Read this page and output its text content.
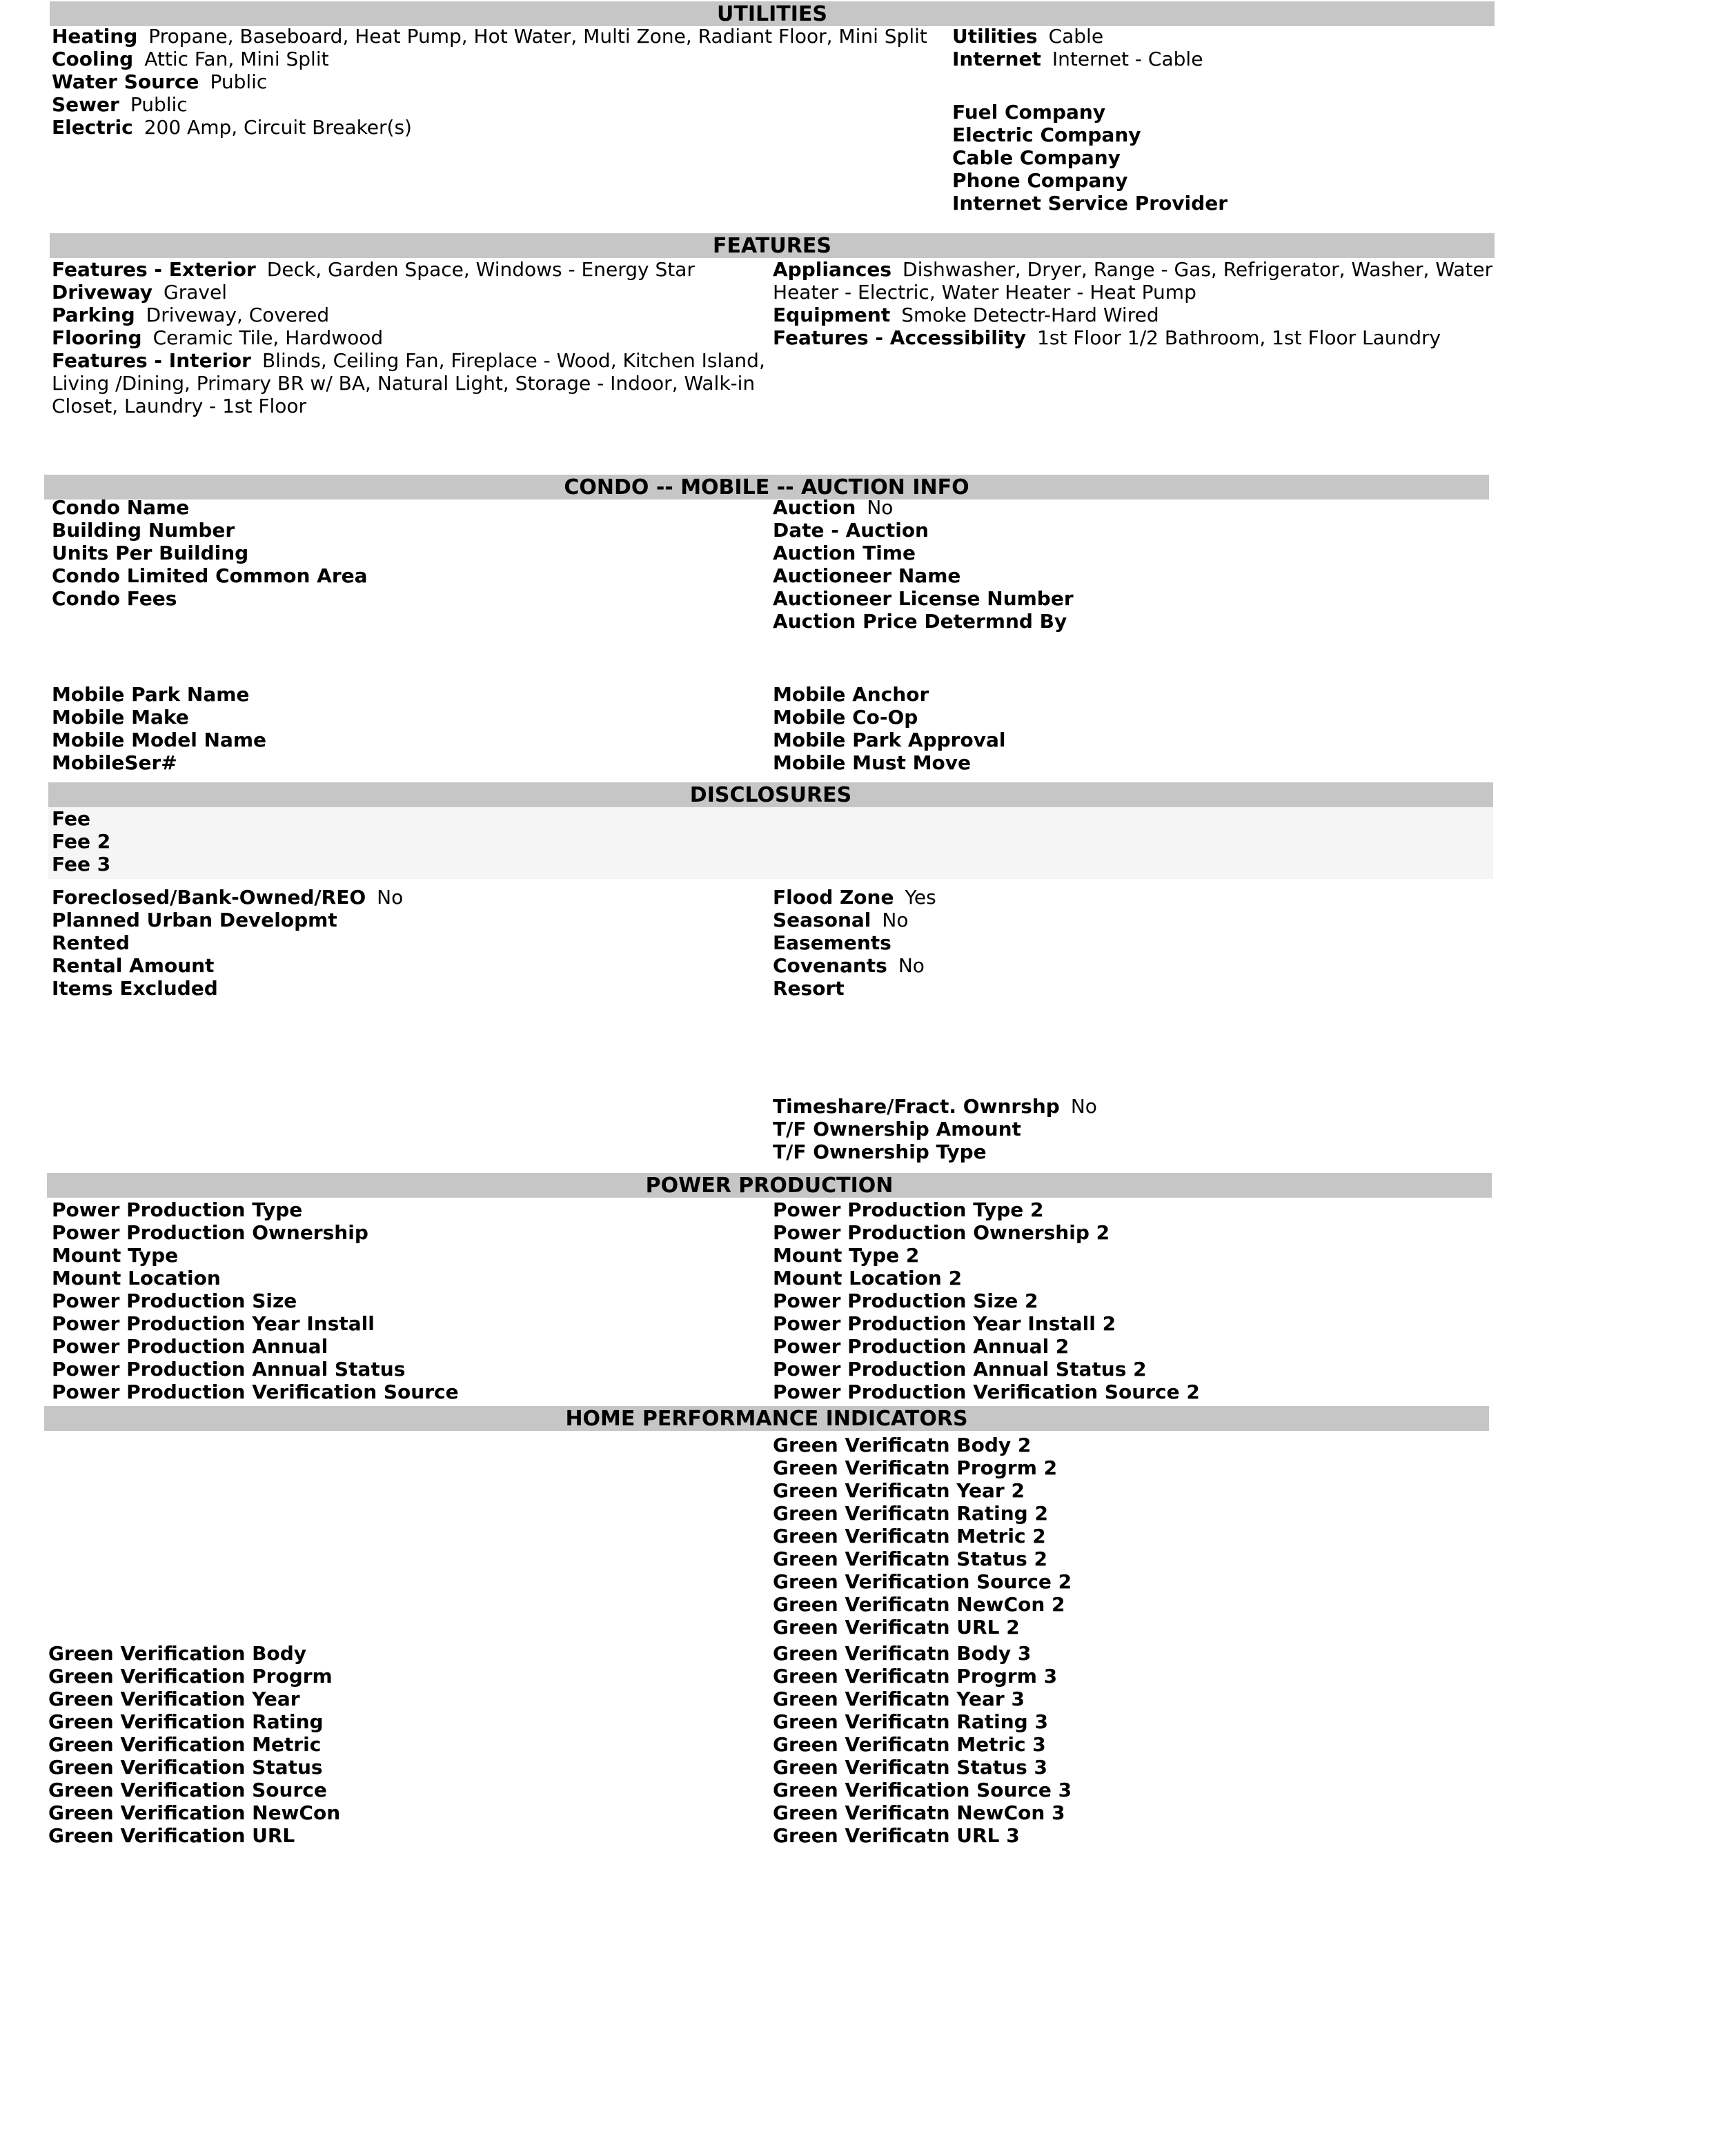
UTILITIES
Heating Propane, Baseboard, Heat Pump, Hot Water, Multi Zone, Radiant Floor, Mini Split
Cooling Attic Fan, Mini Split
Water Source Public
Sewer Public
Electric 200 Amp, Circuit Breaker(s)
Utilities Cable
Internet Internet - Cable
Fuel Company
Electric Company
Cable Company
Phone Company
Internet Service Provider
FEATURES
Features - Exterior Deck, Garden Space, Windows - Energy Star
Driveway Gravel
Parking Driveway, Covered
Flooring Ceramic Tile, Hardwood
Features - Interior Blinds, Ceiling Fan, Fireplace - Wood, Kitchen Island, Living /Dining, Primary BR w/ BA, Natural Light, Storage - Indoor, Walk-in Closet, Laundry - 1st Floor
Appliances Dishwasher, Dryer, Range - Gas, Refrigerator, Washer, Water Heater - Electric, Water Heater - Heat Pump
Equipment Smoke Detectr-Hard Wired
Features - Accessibility 1st Floor 1/2 Bathroom, 1st Floor Laundry
CONDO -- MOBILE -- AUCTION INFO
Condo Name
Building Number
Units Per Building
Condo Limited Common Area
Condo Fees
Auction No
Date - Auction
Auction Time
Auctioneer Name
Auctioneer License Number
Auction Price Determnd By
Mobile Park Name
Mobile Make
Mobile Model Name
MobileSer#
Mobile Anchor
Mobile Co-Op
Mobile Park Approval
Mobile Must Move
DISCLOSURES
Fee
Fee 2
Fee 3
Foreclosed/Bank-Owned/REO No
Planned Urban Developmt
Rented
Rental Amount
Items Excluded
Flood Zone Yes
Seasonal No
Easements
Covenants No
Resort
Timeshare/Fract. Ownrshp No
T/F Ownership Amount
T/F Ownership Type
POWER PRODUCTION
Power Production Type
Power Production Ownership
Mount Type
Mount Location
Power Production Size
Power Production Year Install
Power Production Annual
Power Production Annual Status
Power Production Verification Source
Power Production Type 2
Power Production Ownership 2
Mount Type 2
Mount Location 2
Power Production Size 2
Power Production Year Install 2
Power Production Annual 2
Power Production Annual Status 2
Power Production Verification Source 2
HOME PERFORMANCE INDICATORS
Green Verificatn Body 2
Green Verificatn Progrm 2
Green Verificatn Year 2
Green Verificatn Rating 2
Green Verificatn Metric 2
Green Verificatn Status 2
Green Verification Source 2
Green Verificatn NewCon 2
Green Verificatn URL 2
Green Verification Body
Green Verification Progrm
Green Verification Year
Green Verification Rating
Green Verification Metric
Green Verification Status
Green Verification Source
Green Verification NewCon
Green Verification URL
Green Verificatn Body 3
Green Verificatn Progrm 3
Green Verificatn Year 3
Green Verificatn Rating 3
Green Verificatn Metric 3
Green Verificatn Status 3
Green Verification Source 3
Green Verificatn NewCon 3
Green Verificatn URL 3
